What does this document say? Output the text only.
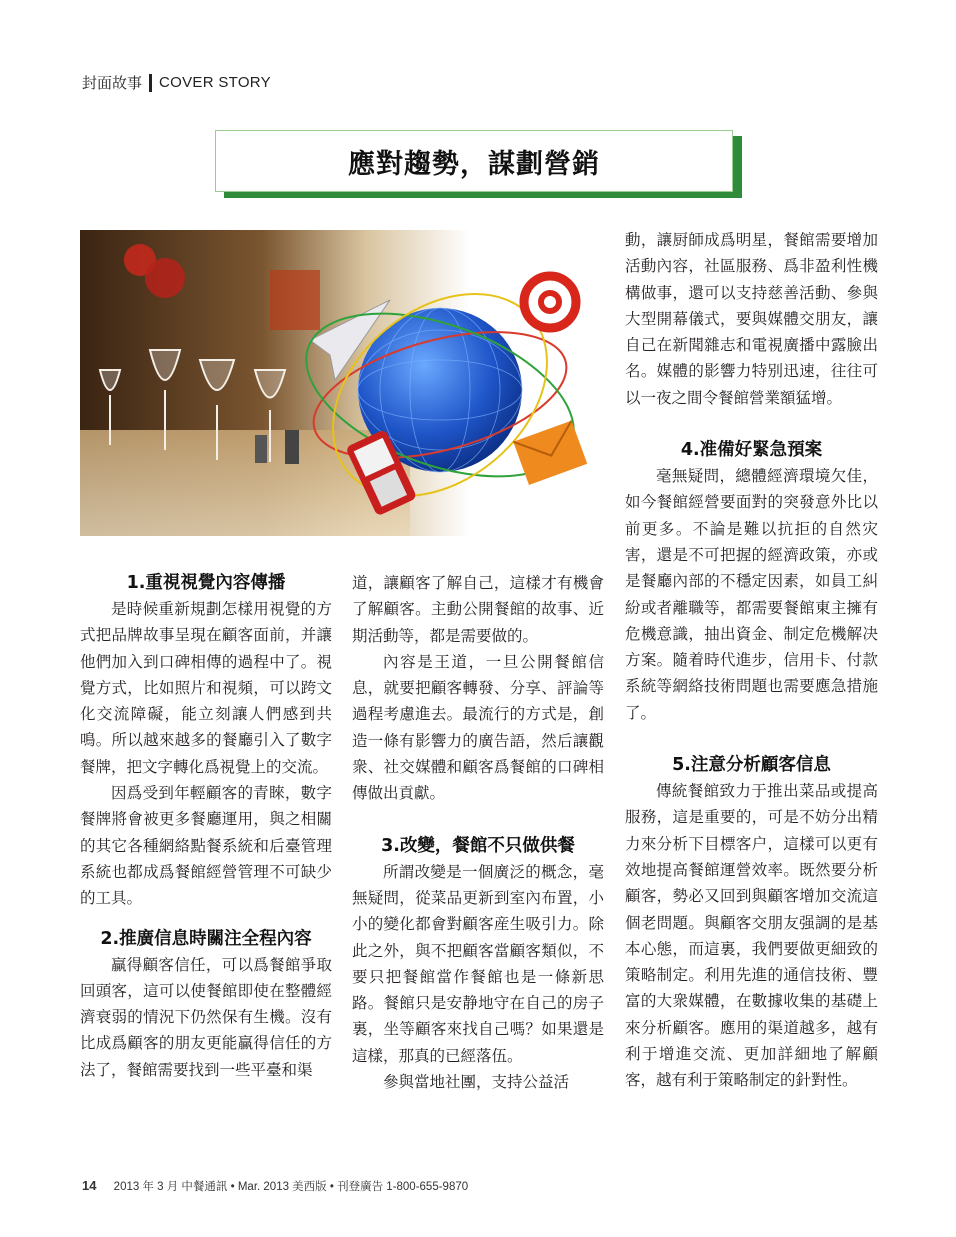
封面故事 COVER STORY
應對趨勢，謀劃營銷
1.重視視覺內容傳播

是時候重新規劃怎樣用視覺的方式把品牌故事呈現在顧客面前，并讓他們加入到口碑相傳的過程中了。視覺方式，比如照片和視頻，可以跨文化交流障礙，能立刻讓人們感到共鳴。所以越來越多的餐廳引入了數字餐牌，把文字轉化爲視覺上的交流。

因爲受到年輕顧客的青睞，數字餐牌將會被更多餐廳運用，與之相關的其它各種網絡點餐系統和后臺管理系統也都成爲餐館經營管理不可缺少的工具。

2.推廣信息時關注全程內容

贏得顧客信任，可以爲餐館爭取回頭客，這可以使餐館即使在整體經濟衰弱的情況下仍然保有生機。沒有比成爲顧客的朋友更能贏得信任的方法了，餐館需要找到一些平臺和渠

道，讓顧客了解自己，這樣才有機會了解顧客。主動公開餐館的故事、近期活動等，都是需要做的。

內容是王道，一旦公開餐館信息，就要把顧客轉發、分享、評論等過程考慮進去。最流行的方式是，創造一條有影響力的廣告語，然后讓觀衆、社交媒體和顧客爲餐館的口碑相傳做出貢獻。

3.改變，餐館不只做供餐

所謂改變是一個廣泛的概念，毫無疑問，從菜品更新到室內布置，小小的變化都會對顧客産生吸引力。除此之外，與不把顧客當顧客類似，不要只把餐館當作餐館也是一條新思路。餐館只是安静地守在自己的房子裏，坐等顧客來找自己嗎？如果還是這樣，那真的已經落伍。

參與當地社團，支持公益活

動，讓厨師成爲明星，餐館需要增加活動內容，社區服務、爲非盈利性機構做事，還可以支持慈善活動、參與大型開幕儀式，要與媒體交朋友，讓自己在新聞雜志和電視廣播中露臉出名。媒體的影響力特别迅速，往往可以一夜之間令餐館營業額猛增。

4.准備好緊急預案

毫無疑問，總體經濟環境欠佳，如今餐館經營要面對的突發意外比以前更多。不論是難以抗拒的自然灾害，還是不可把握的經濟政策，亦或是餐廳內部的不穩定因素，如員工糾紛或者離職等，都需要餐館東主擁有危機意識，抽出資金、制定危機解决方案。隨着時代進步，信用卡、付款系統等網絡技術問題也需要應急措施了。

5.注意分析顧客信息

傳統餐館致力于推出菜品或提高服務，這是重要的，可是不妨分出精力來分析下目標客户，這樣可以更有效地提高餐館運營效率。既然要分析顧客，勢必又回到與顧客增加交流這個老問題。與顧客交朋友强調的是基本心態，而這裏，我們要做更細致的策略制定。利用先進的通信技術、豐富的大衆媒體，在數據收集的基礎上來分析顧客。應用的渠道越多，越有利于增進交流、更加詳細地了解顧客，越有利于策略制定的針對性。

14 2013 年 3 月 中餐通訊 • Mar. 2013 美西版 • 刊登廣告 1-800-655-9870
